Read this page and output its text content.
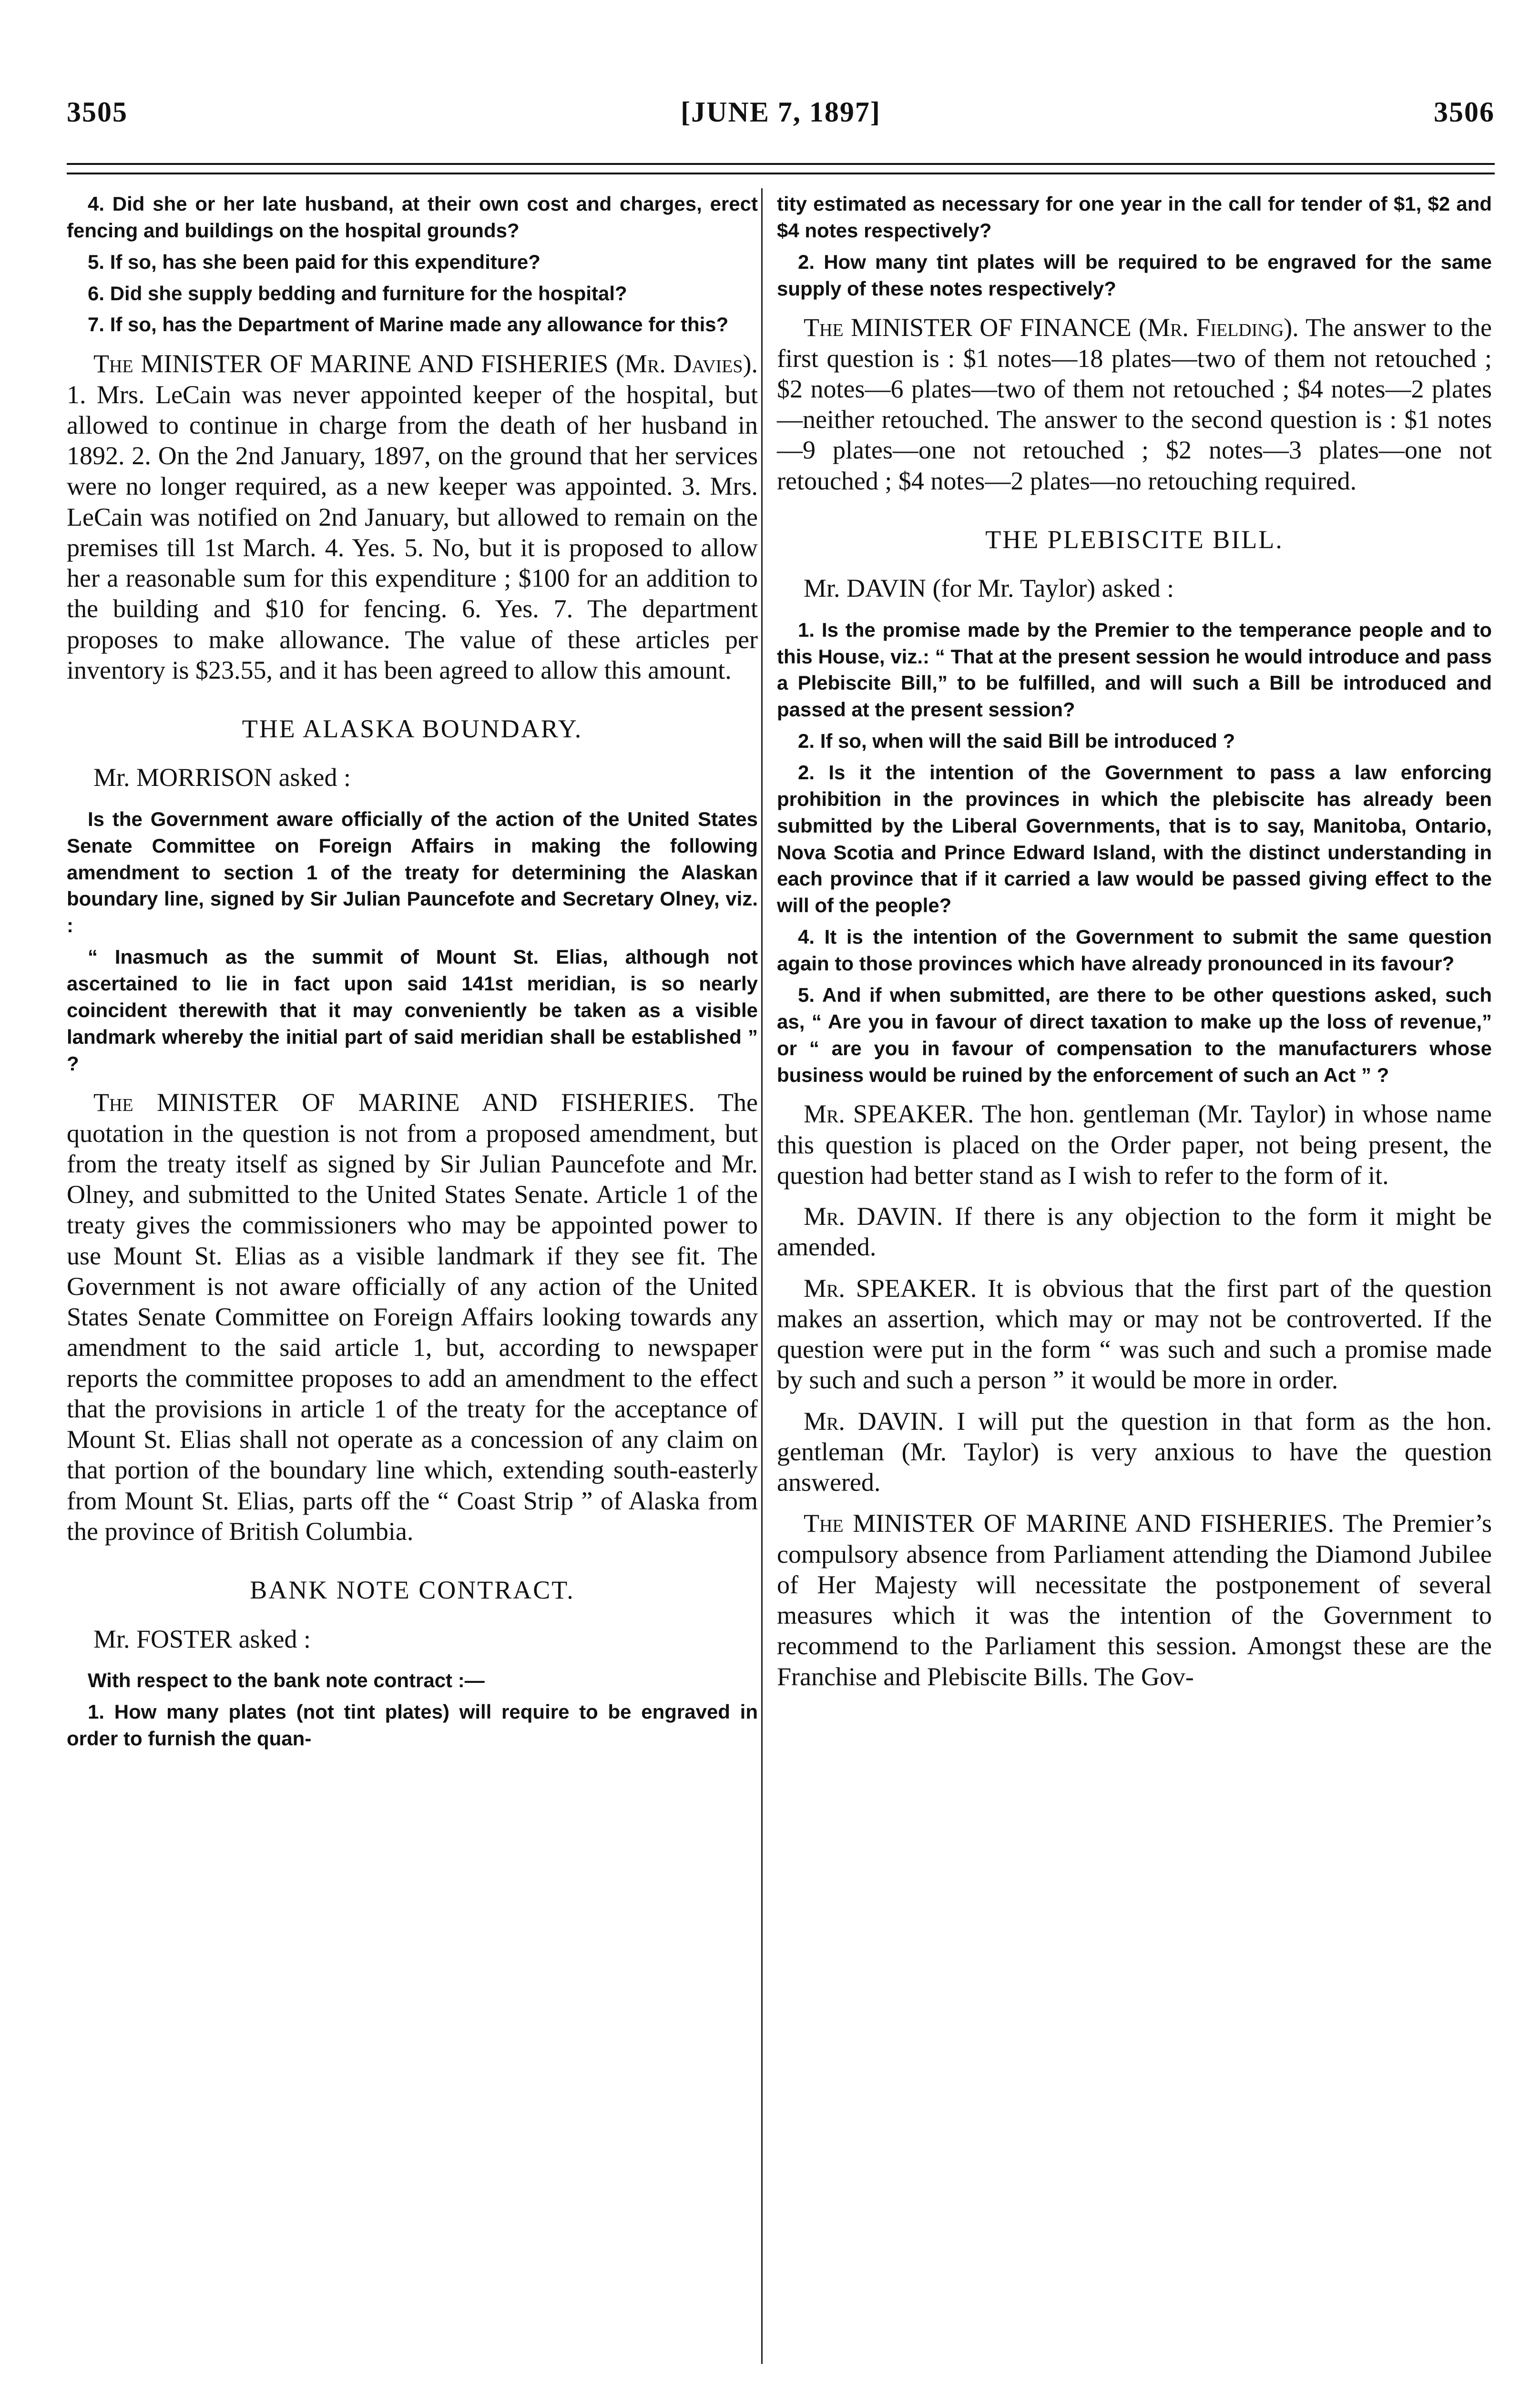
3505	[JUNE 7, 1897]	3506

4. Did she or her late husband, at their own cost and charges, erect fencing and buildings on the hospital grounds?

5. If so, has she been paid for this expenditure?

6. Did she supply bedding and furniture for the hospital?

7. If so, has the Department of Marine made any allowance for this?

The MINISTER OF MARINE AND FISHERIES (Mr. Davies). 1. Mrs. LeCain was never appointed keeper of the hospital, but allowed to continue in charge from the death of her husband in 1892. 2. On the 2nd January, 1897, on the ground that her services were no longer required, as a new keeper was appointed. 3. Mrs. LeCain was notified on 2nd January, but allowed to remain on the premises till 1st March. 4. Yes. 5. No, but it is proposed to allow her a reasonable sum for this expenditure ; $100 for an addition to the building and $10 for fencing. 6. Yes. 7. The department proposes to make allowance. The value of these articles per inventory is $23.55, and it has been agreed to allow this amount.

THE ALASKA BOUNDARY.

Mr. MORRISON asked :

Is the Government aware officially of the action of the United States Senate Committee on Foreign Affairs in making the following amendment to section 1 of the treaty for determining the Alaskan boundary line, signed by Sir Julian Pauncefote and Secretary Olney, viz. :

“ Inasmuch as the summit of Mount St. Elias, although not ascertained to lie in fact upon said 141st meridian, is so nearly coincident therewith that it may conveniently be taken as a visible landmark whereby the initial part of said meridian shall be established ” ?

The MINISTER OF MARINE AND FISHERIES. The quotation in the question is not from a proposed amendment, but from the treaty itself as signed by Sir Julian Pauncefote and Mr. Olney, and submitted to the United States Senate. Article 1 of the treaty gives the commissioners who may be appointed power to use Mount St. Elias as a visible landmark if they see fit. The Government is not aware officially of any action of the United States Senate Committee on Foreign Affairs looking towards any amendment to the said article 1, but, according to newspaper reports the committee proposes to add an amendment to the effect that the provisions in article 1 of the treaty for the acceptance of Mount St. Elias shall not operate as a concession of any claim on that portion of the boundary line which, extending south-easterly from Mount St. Elias, parts off the “ Coast Strip ” of Alaska from the province of British Columbia.

BANK NOTE CONTRACT.

Mr. FOSTER asked :

With respect to the bank note contract :—

1. How many plates (not tint plates) will require to be engraved in order to furnish the quan-

tity estimated as necessary for one year in the call for tender of $1, $2 and $4 notes respectively?

2. How many tint plates will be required to be engraved for the same supply of these notes respectively?

The MINISTER OF FINANCE (Mr. Fielding). The answer to the first question is : $1 notes—18 plates—two of them not retouched ; $2 notes—6 plates—two of them not retouched ; $4 notes—2 plates—neither retouched. The answer to the second question is : $1 notes—9 plates—one not retouched ; $2 notes—3 plates—one not retouched ; $4 notes—2 plates—no retouching required.

THE PLEBISCITE BILL.

Mr. DAVIN (for Mr. Taylor) asked :

1. Is the promise made by the Premier to the temperance people and to this House, viz.: “ That at the present session he would introduce and pass a Plebiscite Bill,” to be fulfilled, and will such a Bill be introduced and passed at the present session?

2. If so, when will the said Bill be introduced ?

2. Is it the intention of the Government to pass a law enforcing prohibition in the provinces in which the plebiscite has already been submitted by the Liberal Governments, that is to say, Manitoba, Ontario, Nova Scotia and Prince Edward Island, with the distinct understanding in each province that if it carried a law would be passed giving effect to the will of the people?

4. It is the intention of the Government to submit the same question again to those provinces which have already pronounced in its favour?

5. And if when submitted, are there to be other questions asked, such as, “ Are you in favour of direct taxation to make up the loss of revenue,” or “ are you in favour of compensation to the manufacturers whose business would be ruined by the enforcement of such an Act ” ?

Mr. SPEAKER. The hon. gentleman (Mr. Taylor) in whose name this question is placed on the Order paper, not being present, the question had better stand as I wish to refer to the form of it.

Mr. DAVIN. If there is any objection to the form it might be amended.

Mr. SPEAKER. It is obvious that the first part of the question makes an assertion, which may or may not be controverted. If the question were put in the form “ was such and such a promise made by such and such a person ” it would be more in order.

Mr. DAVIN. I will put the question in that form as the hon. gentleman (Mr. Taylor) is very anxious to have the question answered.

The MINISTER OF MARINE AND FISHERIES. The Premier’s compulsory absence from Parliament attending the Diamond Jubilee of Her Majesty will necessitate the postponement of several measures which it was the intention of the Government to recommend to the Parliament this session. Amongst these are the Franchise and Plebiscite Bills. The Gov-
